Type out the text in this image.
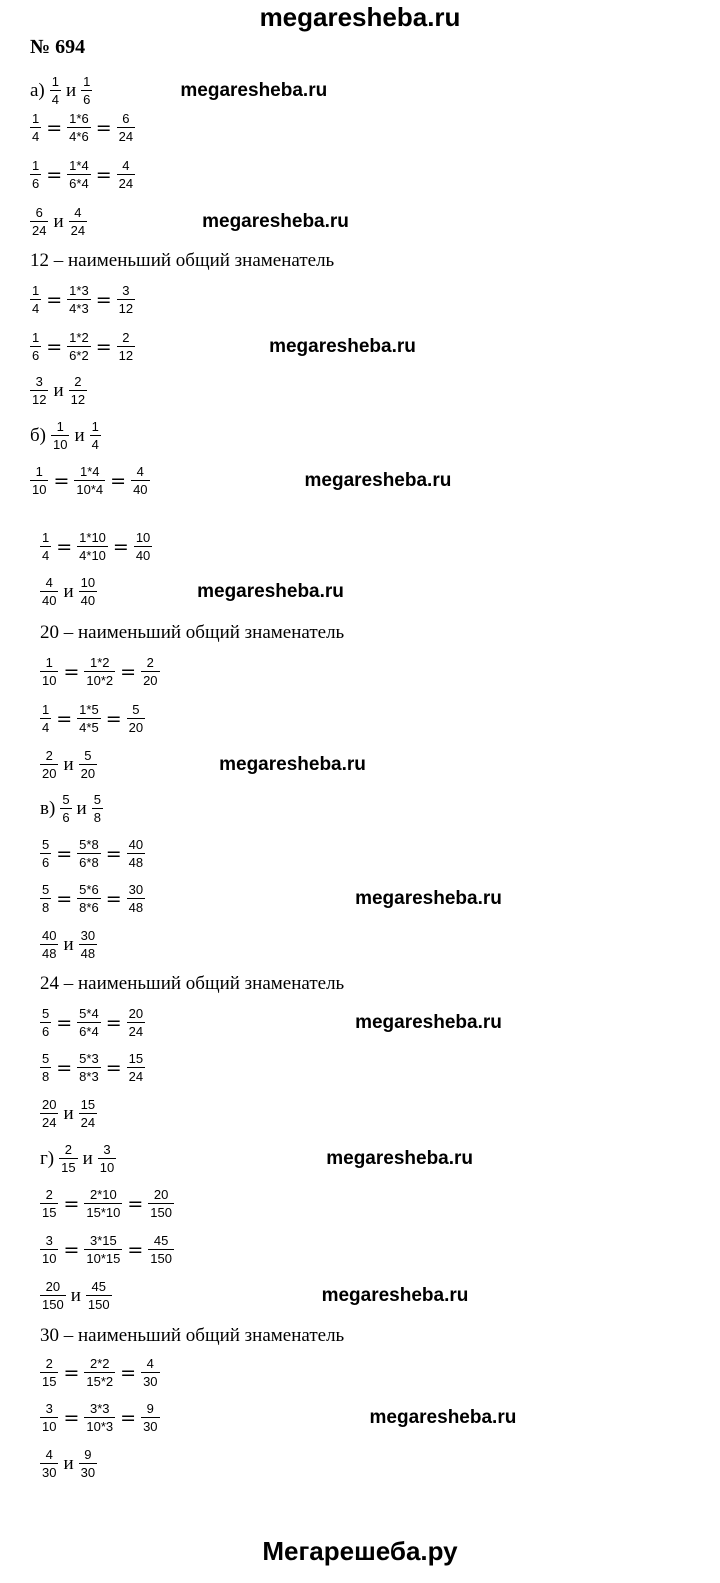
megaresheba.ru
№ 694
$а) \frac{1}{4}$ и $\frac{1}{6}$	megaresheba.ru
$\frac{1}{4} = \frac{1*6}{4*6} = \frac{6}{24}$
$\frac{1}{6} = \frac{1*4}{6*4} = \frac{4}{24}$
$\frac{6}{24}$ и $\frac{4}{24}$	megaresheba.ru
12 – наименьший общий знаменатель
$\frac{1}{4} = \frac{1*3}{4*3} = \frac{3}{12}$
$\frac{1}{6} = \frac{1*2}{6*2} = \frac{2}{12}$	megaresheba.ru
$\frac{3}{12}$ и $\frac{2}{12}$
$б) \frac{1}{10}$ и $\frac{1}{4}$
$\frac{1}{10} = \frac{1*4}{10*4} = \frac{4}{40}$	megaresheba.ru
$\frac{1}{4} = \frac{1*10}{4*10} = \frac{10}{40}$
$\frac{4}{40}$ и $\frac{10}{40}$	megaresheba.ru
20 – наименьший общий знаменатель
$\frac{1}{10} = \frac{1*2}{10*2} = \frac{2}{20}$
$\frac{1}{4} = \frac{1*5}{4*5} = \frac{5}{20}$
$\frac{2}{20}$ и $\frac{5}{20}$	megaresheba.ru
$в) \frac{5}{6}$ и $\frac{5}{8}$
$\frac{5}{6} = \frac{5*8}{6*8} = \frac{40}{48}$
$\frac{5}{8} = \frac{5*6}{8*6} = \frac{30}{48}$	megaresheba.ru
$\frac{40}{48}$ и $\frac{30}{48}$
24 – наименьший общий знаменатель
$\frac{5}{6} = \frac{5*4}{6*4} = \frac{20}{24}$	megaresheba.ru
$\frac{5}{8} = \frac{5*3}{8*3} = \frac{15}{24}$
$\frac{20}{24}$ и $\frac{15}{24}$
$г) \frac{2}{15}$ и $\frac{3}{10}$	megaresheba.ru
$\frac{2}{15} = \frac{2*10}{15*10} = \frac{20}{150}$
$\frac{3}{10} = \frac{3*15}{10*15} = \frac{45}{150}$
$\frac{20}{150}$ и $\frac{45}{150}$	megaresheba.ru
30 – наименьший общий знаменатель
$\frac{2}{15} = \frac{2*2}{15*2} = \frac{4}{30}$
$\frac{3}{10} = \frac{3*3}{10*3} = \frac{9}{30}$	megaresheba.ru
$\frac{4}{30}$ и $\frac{9}{30}$
Мегарешеба.ру
